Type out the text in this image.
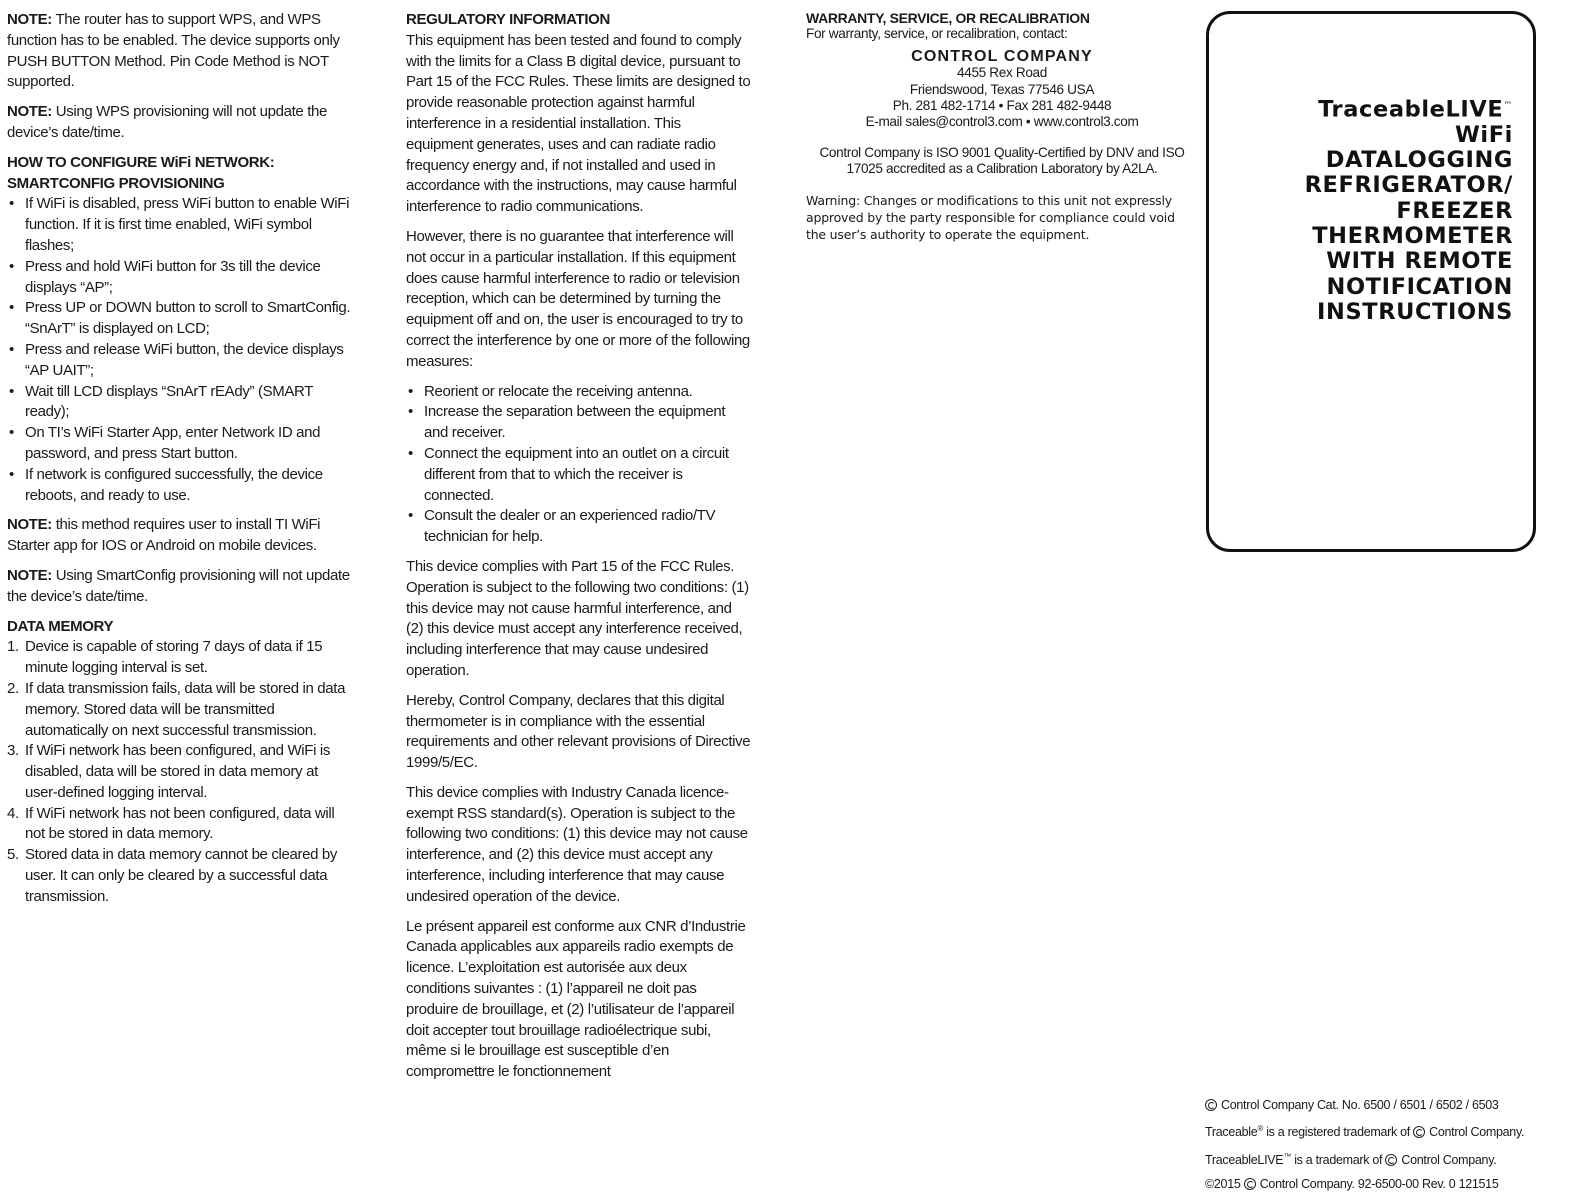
NOTE: The router has to support WPS, and WPS function has to be enabled. The device supports only PUSH BUTTON Method. Pin Code Method is NOT supported.

NOTE: Using WPS provisioning will not update the device’s date/time.

HOW TO CONFIGURE WiFi NETWORK:
SMARTCONFIG PROVISIONING
• If WiFi is disabled, press WiFi button to enable WiFi function. If it is first time enabled, WiFi symbol flashes;
• Press and hold WiFi button for 3s till the device displays “AP”;
• Press UP or DOWN button to scroll to SmartConfig. “SnArT” is displayed on LCD;
• Press and release WiFi button, the device displays “AP UAIT”;
• Wait till LCD displays “SnArT rEAdy” (SMART ready);
• On TI’s WiFi Starter App, enter Network ID and password, and press Start button.
• If network is configured successfully, the device reboots, and ready to use.

NOTE: this method requires user to install TI WiFi Starter app for IOS or Android on mobile devices.

NOTE: Using SmartConfig provisioning will not update the device’s date/time.

DATA MEMORY
1. Device is capable of storing 7 days of data if 15 minute logging interval is set.
2. If data transmission fails, data will be stored in data memory. Stored data will be transmitted automatically on next successful transmission.
3. If WiFi network has been configured, and WiFi is disabled, data will be stored in data memory at user-defined logging interval.
4. If WiFi network has not been configured, data will not be stored in data memory.
5. Stored data in data memory cannot be cleared by user. It can only be cleared by a successful data transmission.
REGULATORY INFORMATION

This equipment has been tested and found to comply with the limits for a Class B digital device, pursuant to Part 15 of the FCC Rules. These limits are designed to provide reasonable protection against harmful interference in a residential installation. This equipment generates, uses and can radiate radio frequency energy and, if not installed and used in accordance with the instructions, may cause harmful interference to radio communications.

However, there is no guarantee that interference will not occur in a particular installation. If this equipment does cause harmful interference to radio or television reception, which can be determined by turning the equipment off and on, the user is encouraged to try to correct the interference by one or more of the following measures:

• Reorient or relocate the receiving antenna.
• Increase the separation between the equipment and receiver.
• Connect the equipment into an outlet on a circuit different from that to which the receiver is connected.
• Consult the dealer or an experienced radio/TV technician for help.

This device complies with Part 15 of the FCC Rules. Operation is subject to the following two conditions: (1) this device may not cause harmful interference, and (2) this device must accept any interference received, including interference that may cause undesired operation.

Hereby, Control Company, declares that this digital thermometer is in compliance with the essential requirements and other relevant provisions of Directive 1999/5/EC.

This device complies with Industry Canada licence-exempt RSS standard(s). Operation is subject to the following two conditions: (1) this device may not cause interference, and (2) this device must accept any interference, including interference that may cause undesired operation of the device.

Le présent appareil est conforme aux CNR d’Industrie Canada applicables aux appareils radio exempts de licence. L’exploitation est autorisée aux deux conditions suivantes : (1) l’appareil ne doit pas produire de brouillage, et (2) l’utilisateur de l’appareil doit accepter tout brouillage radioélectrique subi, même si le brouillage est susceptible d’en compromettre le fonctionnement

WARRANTY, SERVICE, OR RECALIBRATION
For warranty, service, or recalibration, contact:
CONTROL COMPANY
4455 Rex Road
Friendswood, Texas 77546 USA
Ph. 281 482-1714 • Fax 281 482-9448
E-mail sales@control3.com • www.control3.com
Control Company is ISO 9001 Quality-Certified by DNV and ISO 17025 accredited as a Calibration Laboratory by A2LA.
Warning: Changes or modifications to this unit not expressly approved by the party responsible for compliance could void the user’s authority to operate the equipment.
TraceableLIVE™
WiFi
DATALOGGING
REFRIGERATOR/
FREEZER
THERMOMETER
WITH REMOTE
NOTIFICATION
INSTRUCTIONS
Control Company Cat. No. 6500 / 6501 / 6502 / 6503
Traceable® is a registered trademark of Control Company.
TraceableLIVE™ is a trademark of Control Company.
©2015 Control Company. 92-6500-00 Rev. 0 121515
